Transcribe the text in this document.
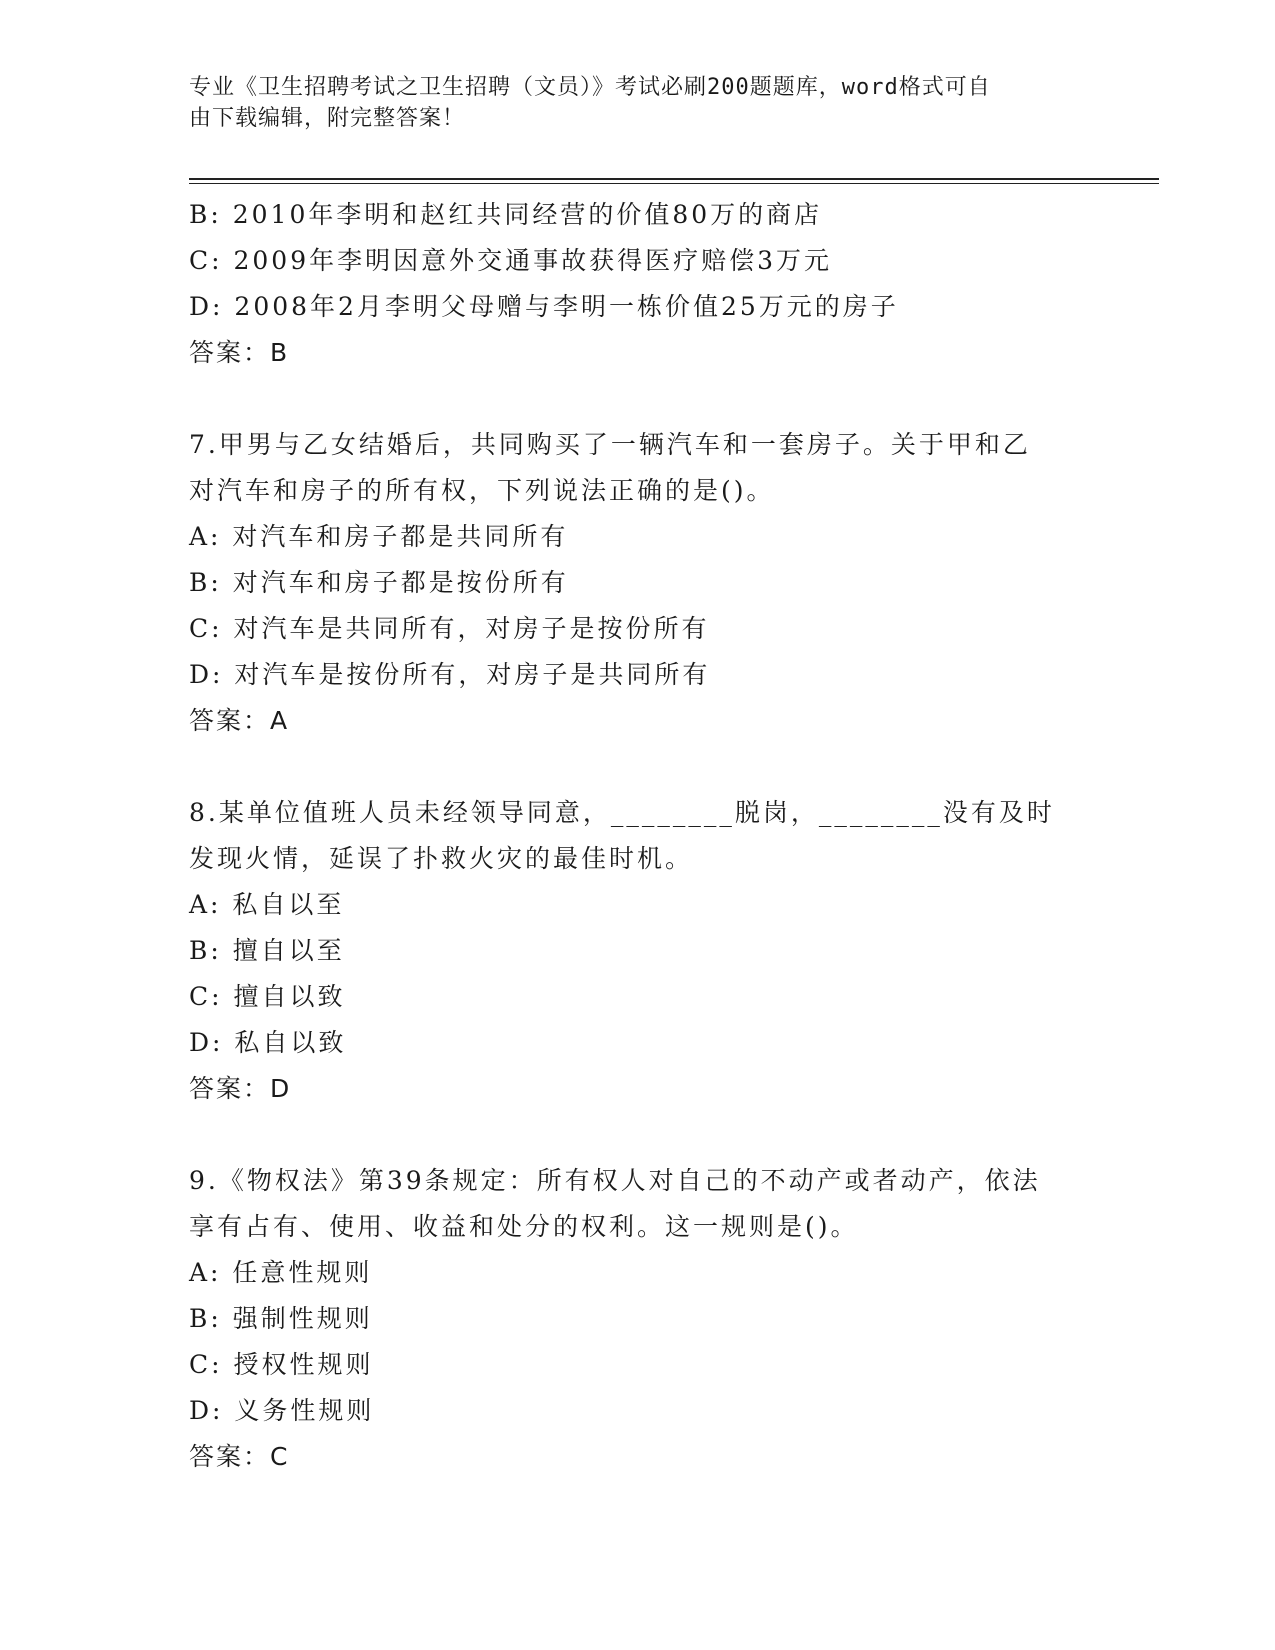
专业《卫生招聘考试之卫生招聘（文员）》考试必刷200题题库，word格式可自
由下载编辑，附完整答案！
B: 2010年李明和赵红共同经营的价值80万的商店
C: 2009年李明因意外交通事故获得医疗赔偿3万元
D: 2008年2月李明父母赠与李明一栋价值25万元的房子
答案：B
7.甲男与乙女结婚后，共同购买了一辆汽车和一套房子。关于甲和乙
对汽车和房子的所有权，下列说法正确的是()。
A: 对汽车和房子都是共同所有
B: 对汽车和房子都是按份所有
C: 对汽车是共同所有，对房子是按份所有
D: 对汽车是按份所有，对房子是共同所有
答案：A
8.某单位值班人员未经领导同意，________脱岗，________没有及时
发现火情，延误了扑救火灾的最佳时机。
A: 私自以至
B: 擅自以至
C: 擅自以致
D: 私自以致
答案：D
9.《物权法》第39条规定：所有权人对自己的不动产或者动产，依法
享有占有、使用、收益和处分的权利。这一规则是()。
A: 任意性规则
B: 强制性规则
C: 授权性规则
D: 义务性规则
答案：C
